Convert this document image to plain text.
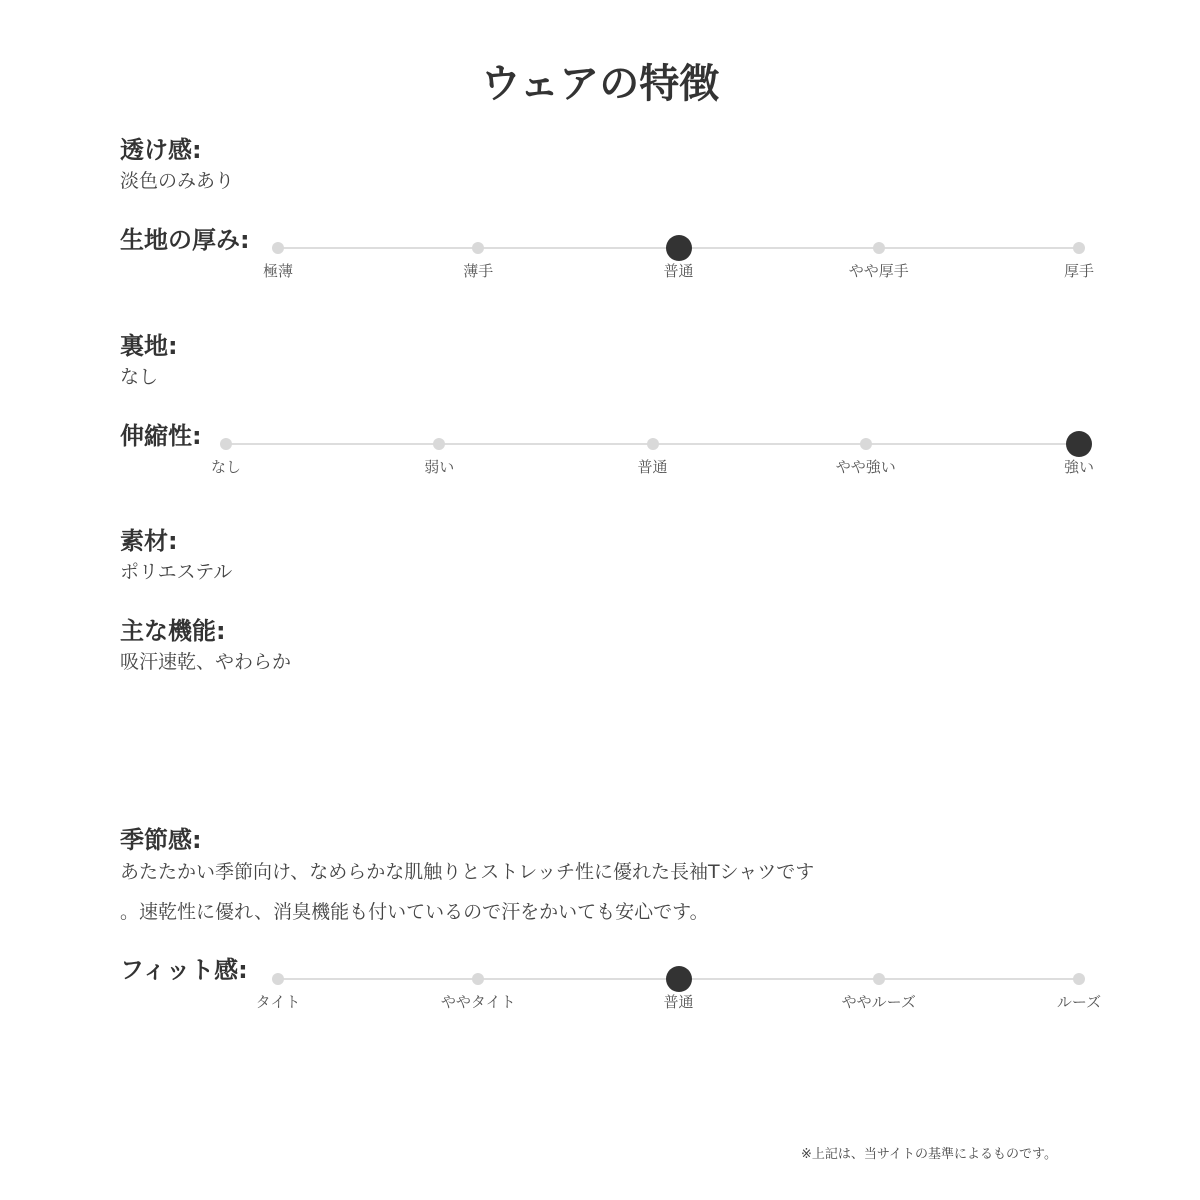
ウェアの特徴
透け感:
淡色のみあり
生地の厚み:
極薄	薄手	普通	やや厚手	厚手
裏地:
なし
伸縮性:
なし	弱い	普通	やや強い	強い
素材:
ポリエステル
主な機能:
吸汗速乾、やわらか
季節感:
あたたかい季節向け、なめらかな肌触りとストレッチ性に優れた長袖Tシャツです
。速乾性に優れ、消臭機能も付いているので汗をかいても安心です。
フィット感:
タイト	ややタイト	普通	ややルーズ	ルーズ
※上記は、当サイトの基準によるものです。
